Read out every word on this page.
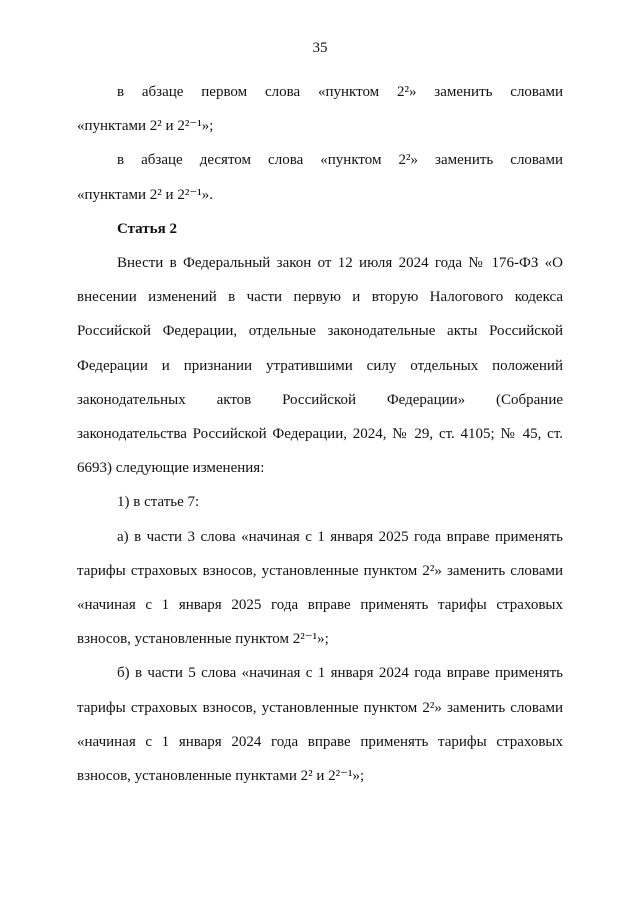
35

в абзаце первом слова «пунктом 2²» заменить словами
«пунктами 2² и 2²⁻¹»;

в абзаце десятом слова «пунктом 2²» заменить словами
«пунктами 2² и 2²⁻¹».

Статья 2

Внести в Федеральный закон от 12 июля 2024 года № 176-ФЗ «О внесении изменений в части первую и вторую Налогового кодекса Российской Федерации, отдельные законодательные акты Российской Федерации и признании утратившими силу отдельных положений законодательных актов Российской Федерации» (Собрание законодательства Российской Федерации, 2024, № 29, ст. 4105; № 45, ст. 6693) следующие изменения:

1) в статье 7:

а) в части 3 слова «начиная с 1 января 2025 года вправе применять тарифы страховых взносов, установленные пунктом 2²» заменить словами «начиная с 1 января 2025 года вправе применять тарифы страховых взносов, установленные пунктом 2²⁻¹»;

б) в части 5 слова «начиная с 1 января 2024 года вправе применять тарифы страховых взносов, установленные пунктом 2²» заменить словами «начиная с 1 января 2024 года вправе применять тарифы страховых взносов, установленные пунктами 2² и 2²⁻¹»;
